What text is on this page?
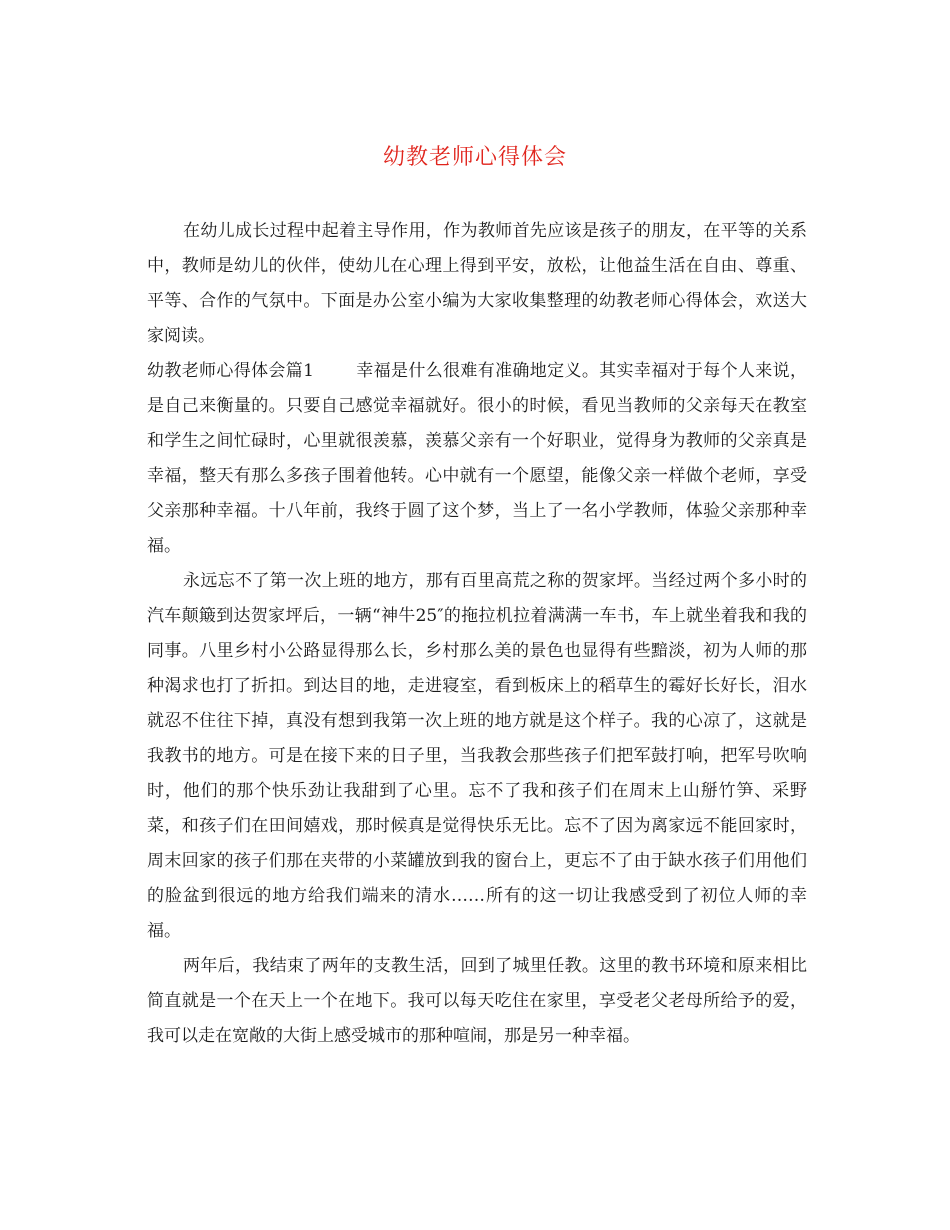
幼教老师心得体会

在幼儿成长过程中起着主导作用，作为教师首先应该是孩子的朋友，在平等的关系中，教师是幼儿的伙伴，使幼儿在心理上得到平安，放松，让他益生活在自由、尊重、平等、合作的气氛中。下面是办公室小编为大家收集整理的幼教老师心得体会，欢送大家阅读。

幼教老师心得体会篇1 幸福是什么很难有准确地定义。其实幸福对于每个人来说，是自己来衡量的。只要自己感觉幸福就好。很小的时候，看见当教师的父亲每天在教室和学生之间忙碌时，心里就很羡慕，羡慕父亲有一个好职业，觉得身为教师的父亲真是幸福，整天有那么多孩子围着他转。心中就有一个愿望，能像父亲一样做个老师，享受父亲那种幸福。十八年前，我终于圆了这个梦，当上了一名小学教师，体验父亲那种幸福。

永远忘不了第一次上班的地方，那有百里高荒之称的贺家坪。当经过两个多小时的汽车颠簸到达贺家坪后，一辆“神牛25″的拖拉机拉着满满一车书，车上就坐着我和我的同事。八里乡村小公路显得那么长，乡村那么美的景色也显得有些黯淡，初为人师的那种渴求也打了折扣。到达目的地，走进寝室，看到板床上的稻草生的霉好长好长，泪水就忍不住往下掉，真没有想到我第一次上班的地方就是这个样子。我的心凉了，这就是我教书的地方。可是在接下来的日子里，当我教会那些孩子们把军鼓打响，把军号吹响时，他们的那个快乐劲让我甜到了心里。忘不了我和孩子们在周末上山掰竹笋、采野菜，和孩子们在田间嬉戏，那时候真是觉得快乐无比。忘不了因为离家远不能回家时，周末回家的孩子们那在夹带的小菜罐放到我的窗台上，更忘不了由于缺水孩子们用他们的脸盆到很远的地方给我们端来的清水……所有的这一切让我感受到了初位人师的幸福。

两年后，我结束了两年的支教生活，回到了城里任教。这里的教书环境和原来相比简直就是一个在天上一个在地下。我可以每天吃住在家里，享受老父老母所给予的爱，我可以走在宽敞的大街上感受城市的那种喧闹，那是另一种幸福。
